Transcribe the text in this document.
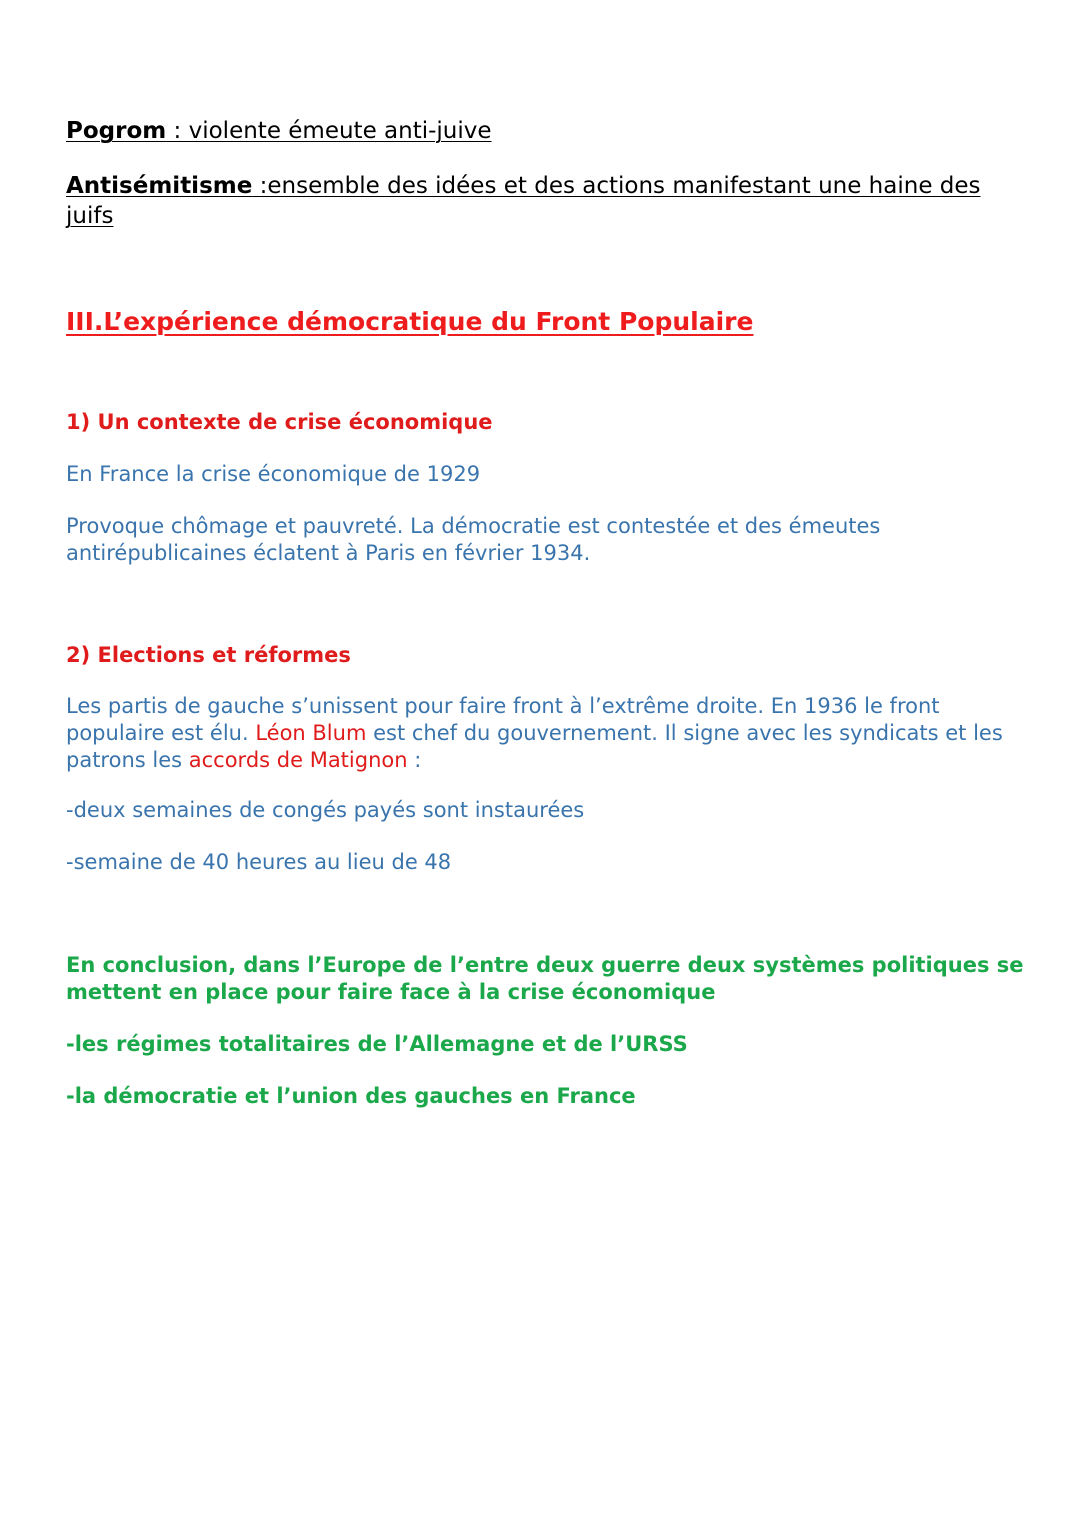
Pogrom : violente émeute anti-juive
Antisémitisme :ensemble des idées et des actions manifestant une haine des juifs
III.L’expérience démocratique du Front Populaire
1) Un contexte de crise économique
En France la crise économique de 1929
Provoque chômage et pauvreté. La démocratie est contestée et des émeutes antirépublicaines éclatent à Paris en février 1934.
2) Elections et réformes
Les partis de gauche s’unissent pour faire front à l’extrême droite. En 1936 le front populaire est élu. Léon Blum est chef du gouvernement. Il signe avec les syndicats et les patrons les accords de Matignon :
-deux semaines de congés payés sont instaurées
-semaine de 40 heures au lieu de 48
En conclusion, dans l’Europe de l’entre deux guerre deux systèmes politiques se mettent en place pour faire face à la crise économique
-les régimes totalitaires de l’Allemagne et de l’URSS
-la démocratie et l’union des gauches en France
